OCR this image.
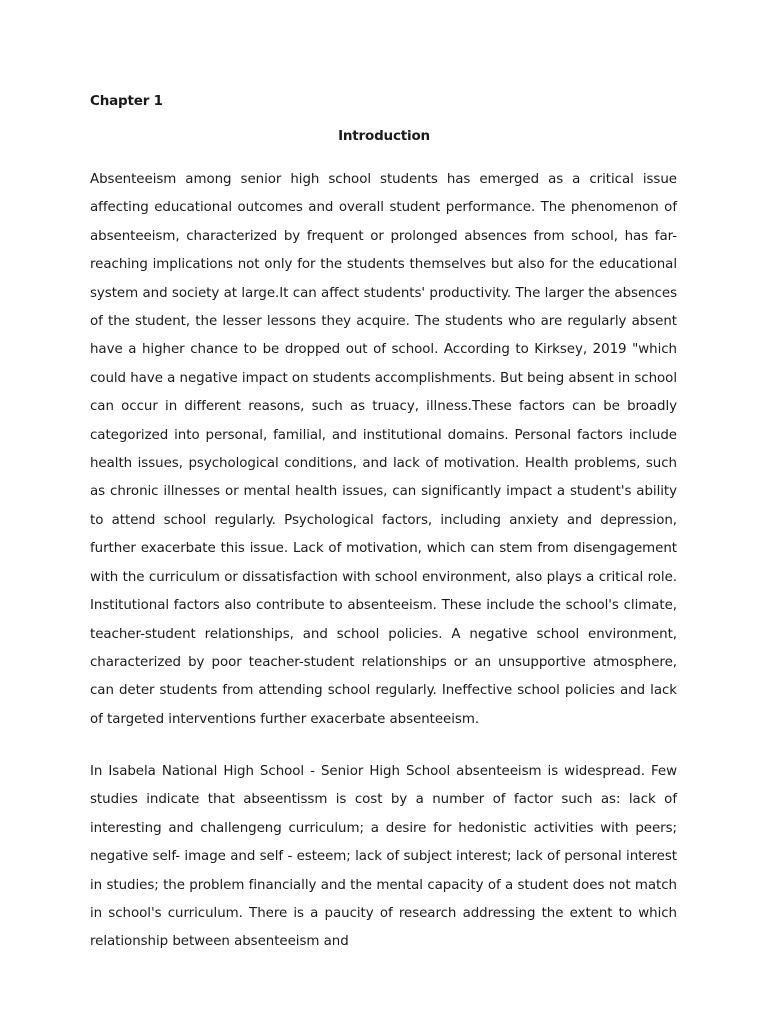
Chapter 1
Introduction

Absenteeism among senior high school students has emerged as a critical issue affecting educational outcomes and overall student performance. The phenomenon of absenteeism, characterized by frequent or prolonged absences from school, has far-reaching implications not only for the students themselves but also for the educational system and society at large.It can affect students' productivity. The larger the absences of the student, the lesser lessons they acquire. The students who are regularly absent have a higher chance to be dropped out of school. According to Kirksey, 2019 "which could have a negative impact on students accomplishments. But being absent in school can occur in different reasons, such as truacy, illness.These factors can be broadly categorized into personal, familial, and institutional domains. Personal factors include health issues, psychological conditions, and lack of motivation. Health problems, such as chronic illnesses or mental health issues, can significantly impact a student's ability to attend school regularly. Psychological factors, including anxiety and depression, further exacerbate this issue. Lack of motivation, which can stem from disengagement with the curriculum or dissatisfaction with school environment, also plays a critical role. Institutional factors also contribute to absenteeism. These include the school's climate, teacher-student relationships, and school policies. A negative school environment, characterized by poor teacher-student relationships or an unsupportive atmosphere, can deter students from attending school regularly. Ineffective school policies and lack of targeted interventions further exacerbate absenteeism.

In Isabela National High School - Senior High School absenteeism is widespread. Few studies indicate that abseentissm is cost by a number of factor such as: lack of interesting and challengeng curriculum; a desire for hedonistic activities with peers; negative self- image and self - esteem; lack of subject interest; lack of personal interest in studies; the problem financially and the mental capacity of a student does not match in school's curriculum. There is a paucity of research addressing the extent to which relationship between absenteeism and
